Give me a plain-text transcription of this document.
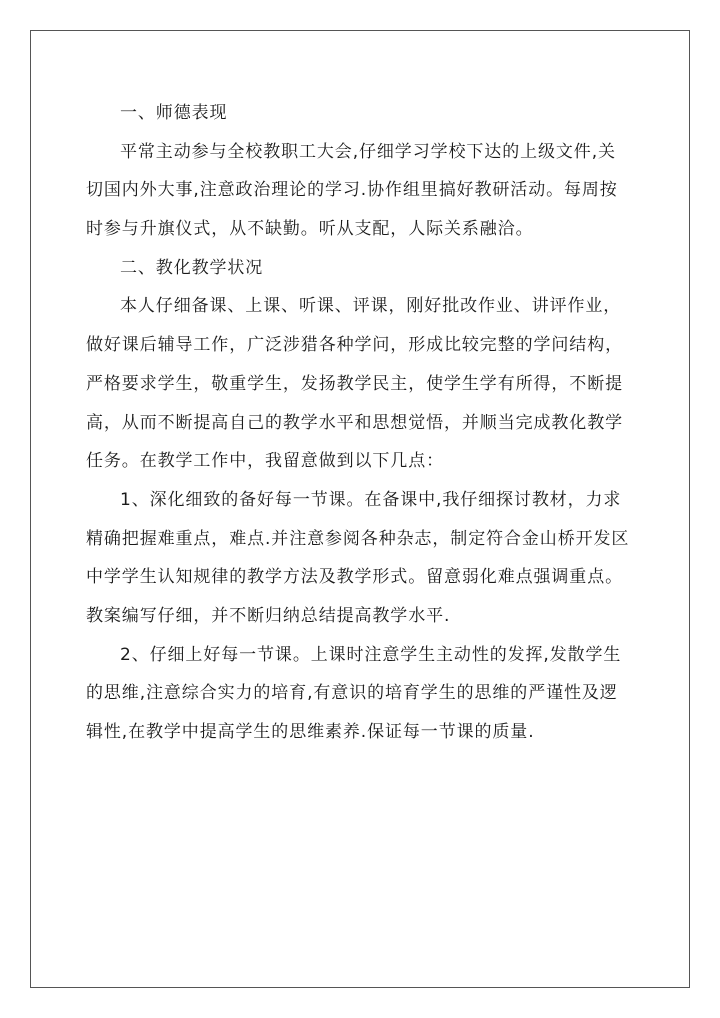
一、师德表现
平常主动参与全校教职工大会,仔细学习学校下达的上级文件,关
切国内外大事,注意政治理论的学习.协作组里搞好教研活动。每周按
时参与升旗仪式，从不缺勤。听从支配，人际关系融洽。
二、教化教学状况
本人仔细备课、上课、听课、评课，刚好批改作业、讲评作业，
做好课后辅导工作，广泛涉猎各种学问，形成比较完整的学问结构，
严格要求学生，敬重学生，发扬教学民主，使学生学有所得，不断提
高，从而不断提高自己的教学水平和思想觉悟，并顺当完成教化教学
任务。在教学工作中，我留意做到以下几点：
1、深化细致的备好每一节课。在备课中,我仔细探讨教材，力求
精确把握难重点，难点.并注意参阅各种杂志，制定符合金山桥开发区
中学学生认知规律的教学方法及教学形式。留意弱化难点强调重点。
教案编写仔细，并不断归纳总结提高教学水平.
2、仔细上好每一节课。上课时注意学生主动性的发挥,发散学生
的思维,注意综合实力的培育,有意识的培育学生的思维的严谨性及逻
辑性,在教学中提高学生的思维素养.保证每一节课的质量.
